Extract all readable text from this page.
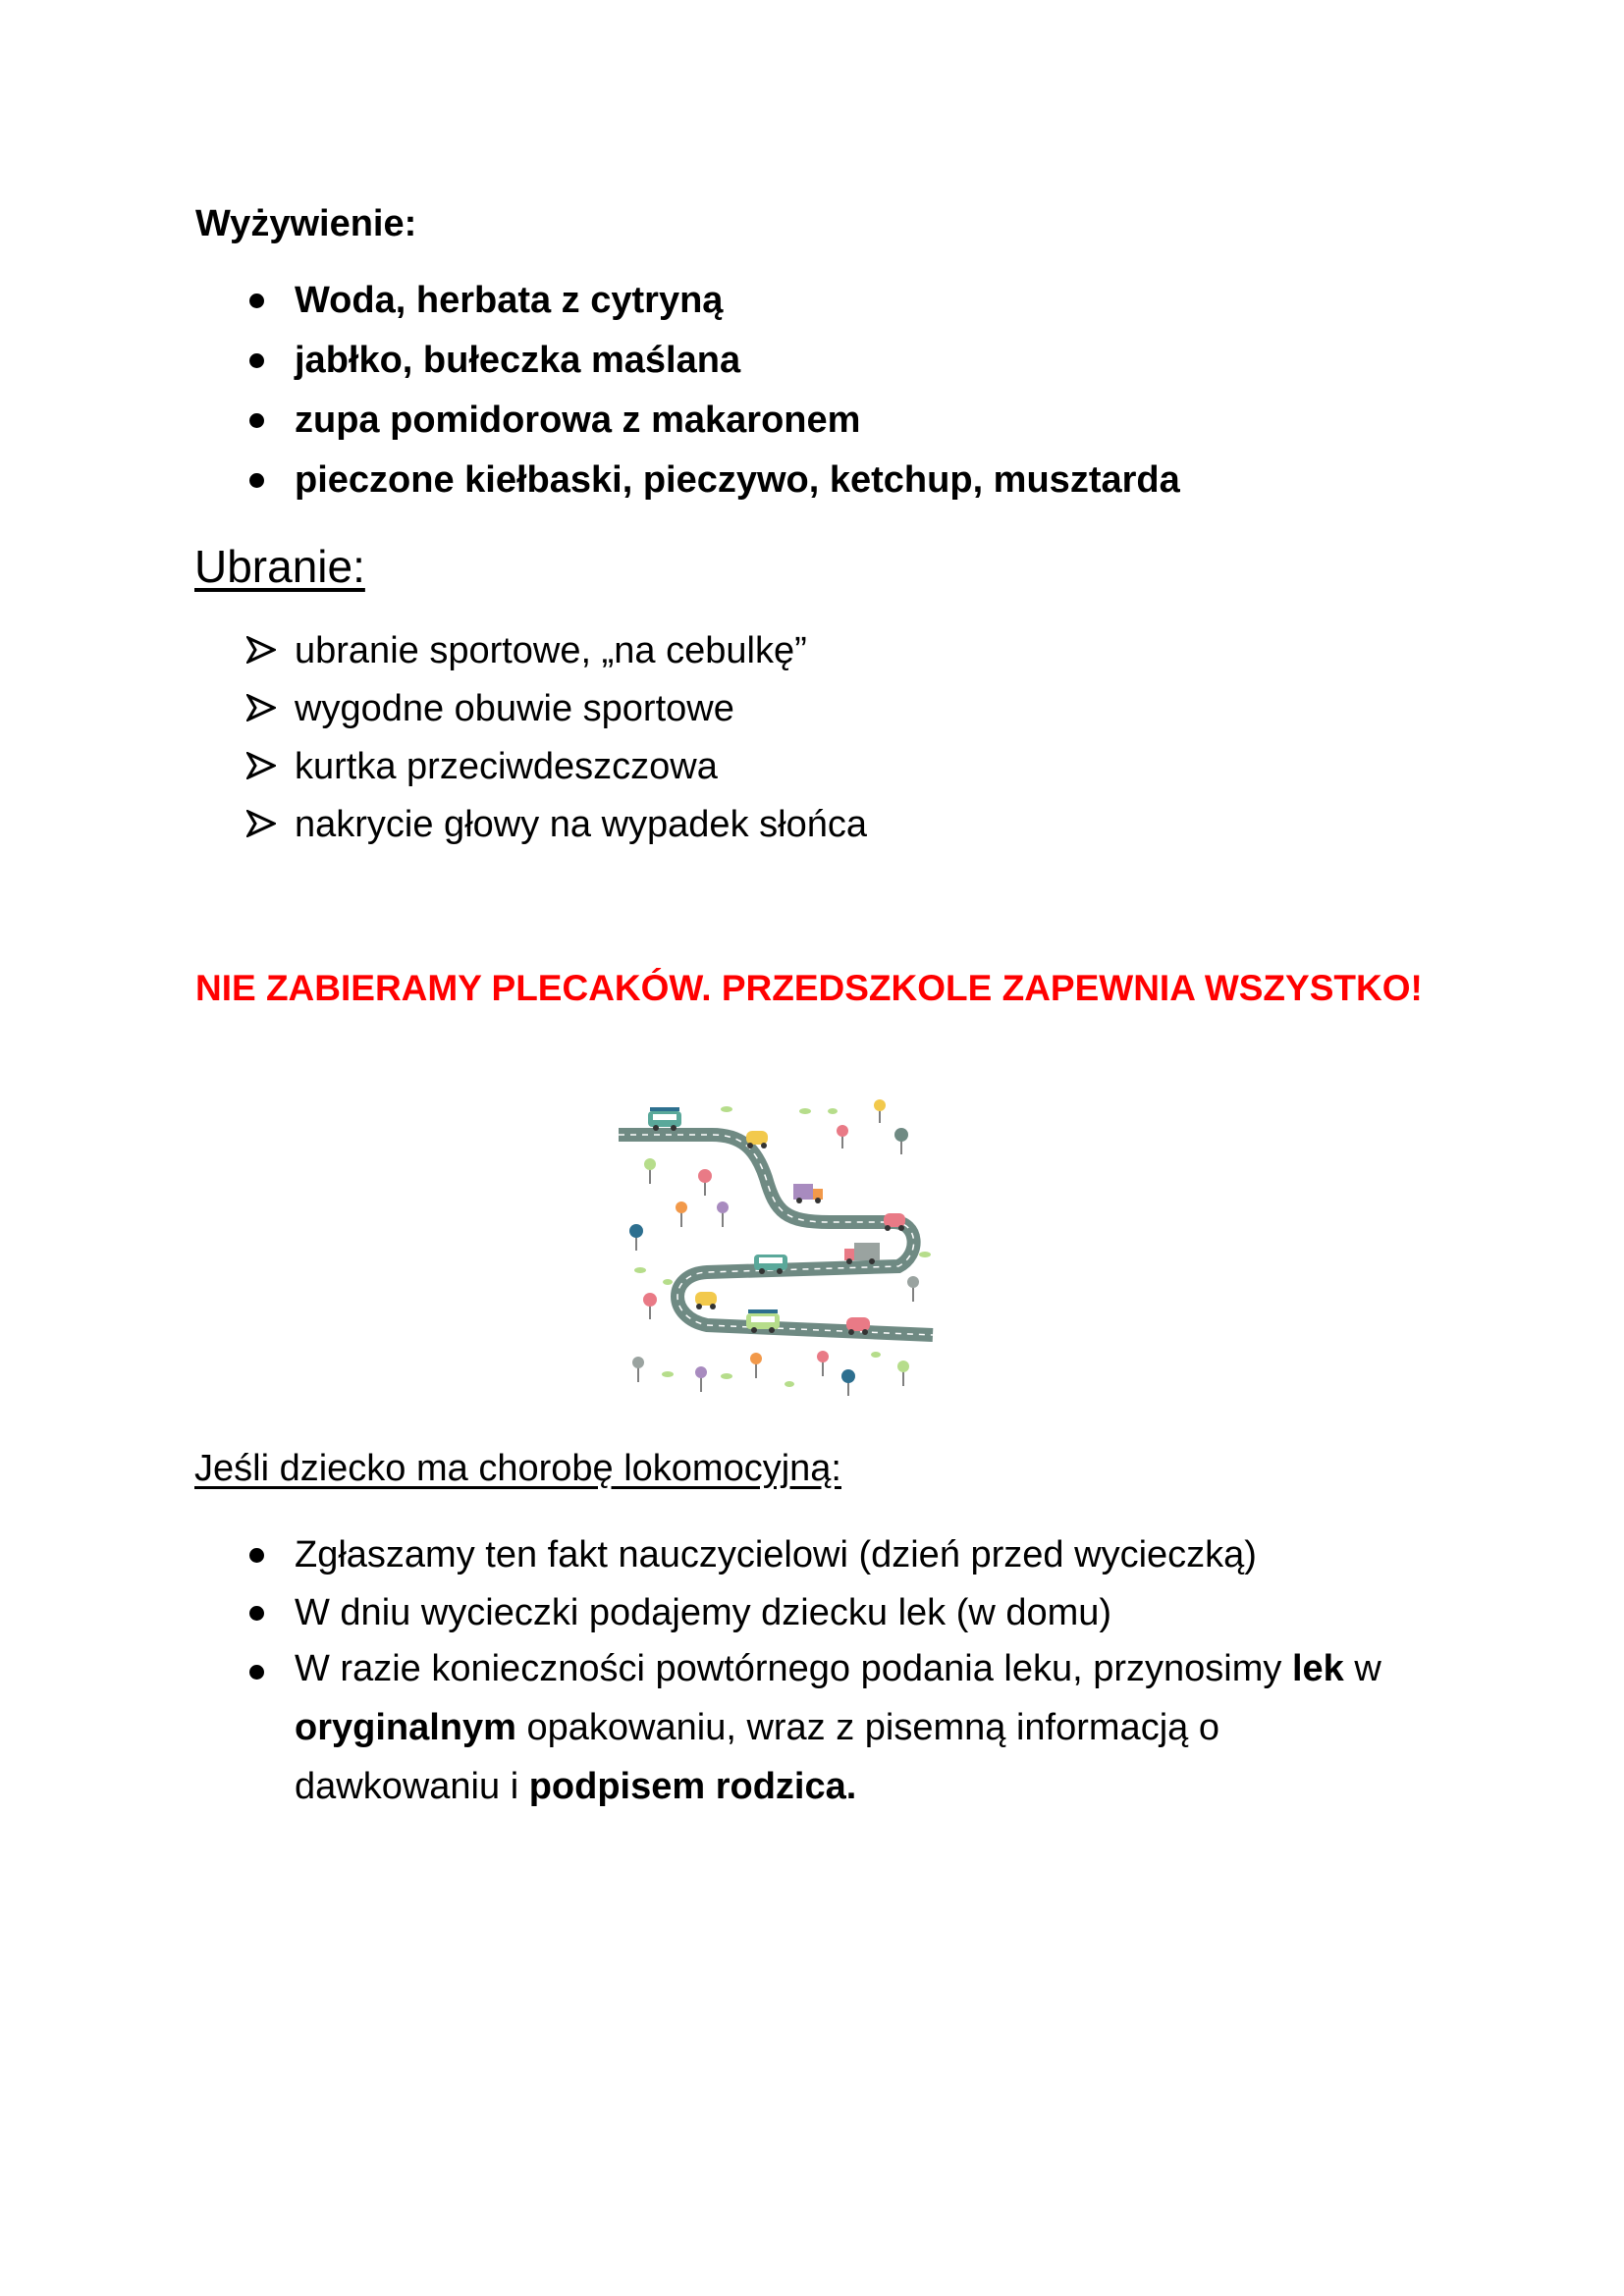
Wyżywienie:
Woda, herbata z cytryną
jabłko, bułeczka maślana
zupa pomidorowa z makaronem
pieczone kiełbaski, pieczywo, ketchup, musztarda
Ubranie:
ubranie sportowe, „na cebulkę”
wygodne obuwie sportowe
kurtka przeciwdeszczowa
nakrycie głowy na wypadek słońca
NIE ZABIERAMY PLECAKÓW. PRZEDSZKOLE ZAPEWNIA WSZYSTKO!
Jeśli dziecko ma chorobę lokomocyjną:
Zgłaszamy ten fakt nauczycielowi (dzień przed wycieczką)
W dniu wycieczki podajemy dziecku lek (w domu)
W razie konieczności powtórnego podania leku, przynosimy lek w oryginalnym opakowaniu, wraz z pisemną informacją o dawkowaniu i podpisem rodzica.
